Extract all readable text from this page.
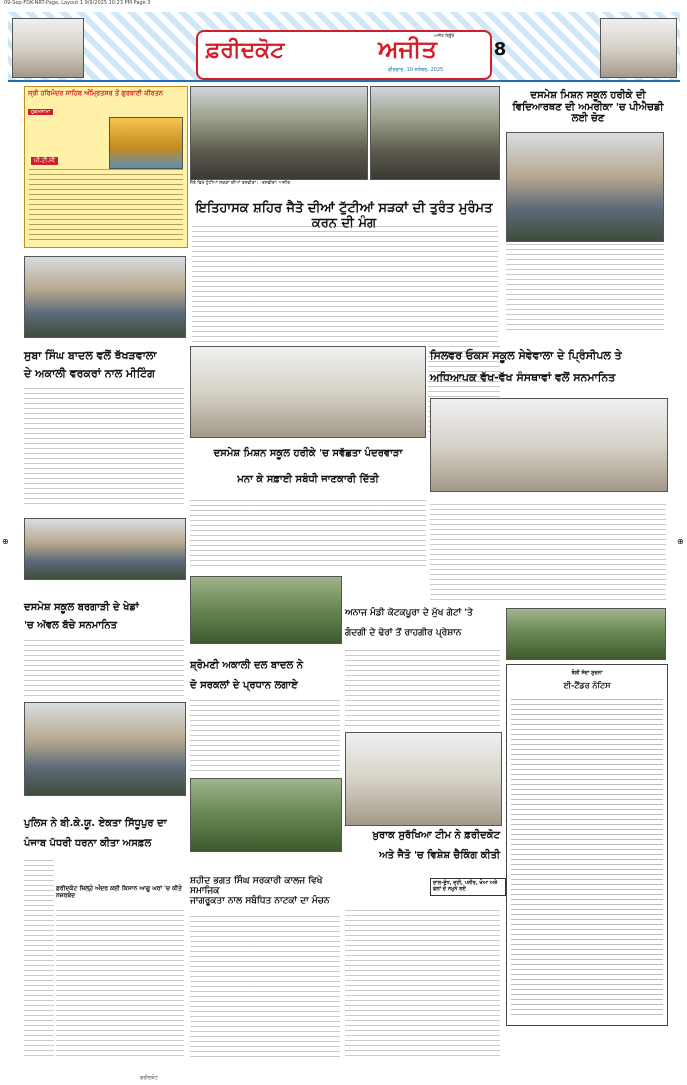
09-Sep-FDK-NRT-Page, Layout 1 9/9/2025 10:23 PM Page 3
⊕	⊕
ਫ਼ਰੀਦਕੋਟ	ਅਜੀਤ
ਅਜੀਤ ਬਿਊਰੋ
ਵੀਰਵਾਰ, 10 ਸਤੰਬਰ, 2025
8
ਸ੍ਰੀ ਹਰਿਮੰਦਰ ਸਾਹਿਬ ਅੰਮ੍ਰਿਤਸਰ ਤੋਂ ਗੁਰਬਾਣੀ ਕੀਰਤਨ
ਹੁਕਮਨਾਮਾ
ਪੀ.ਟੀ.ਸੀ
ਜੈਤੋ ਵਿਖੇ ਟੁੱਟੀਆਂ ਸੜਕਾਂ ਦੀਆਂ ਤਸਵੀਰਾਂ। -ਤਸਵੀਰਾਂ: ਅਜੀਤ
ਇਤਿਹਾਸਕ ਸ਼ਹਿਰ ਜੈਤੋ ਦੀਆਂ ਟੁੱਟੀਆਂ ਸੜਕਾਂ ਦੀ ਤੁਰੰਤ ਮੁਰੰਮਤ ਕਰਨ ਦੀ ਮੰਗ
ਦਸਮੇਸ਼ ਮਿਸ਼ਨ ਸਕੂਲ ਹਰੀਕੇ ਦੀ ਵਿਦਿਆਰਥਣ ਦੀ ਅਮਰੀਕਾ 'ਚ ਪੀਐਚਡੀ ਲਈ ਚੋਣ
ਸੁਬਾ ਸਿੰਘ ਬਾਦਲ ਵਲੋਂ ਝੱਖੜਵਾਲਾ
ਦੇ ਅਕਾਲੀ ਵਰਕਰਾਂ ਨਾਲ ਮੀਟਿੰਗ
ਸਿਲਵਰ ਓਕਸ ਸਕੂਲ ਸੇਵੇਵਾਲਾ ਦੇ ਪ੍ਰਿੰਸੀਪਲ ਤੇ
ਅਧਿਆਪਕ ਵੱਖ-ਵੱਖ ਸੰਸਥਾਵਾਂ ਵਲੋਂ ਸਨਮਾਨਿਤ
ਦਸਮੇਸ਼ ਮਿਸ਼ਨ ਸਕੂਲ ਹਰੀਕੇ 'ਚ ਸਵੱਛਤਾ ਪੰਦਰਵਾੜਾ
ਮਨਾ ਕੇ ਸਫ਼ਾਈ ਸਬੰਧੀ ਜਾਣਕਾਰੀ ਦਿੱਤੀ
ਦਸਮੇਸ਼ ਸਕੂਲ ਬਰਗਾੜੀ ਦੇ ਖੇਡਾਂ
'ਚ ਅੱਵਲ ਬੱਚੇ ਸਨਮਾਨਿਤ
ਸ਼੍ਰੋਮਣੀ ਅਕਾਲੀ ਦਲ ਬਾਦਲ ਨੇ
ਦੋ ਸਰਕਲਾਂ ਦੇ ਪ੍ਰਧਾਨ ਲਗਾਏ
ਅਨਾਜ ਮੰਡੀ ਕੋਟਕਪੂਰਾ ਦੇ ਮੁੱਖ ਗੇਟਾਂ 'ਤੇ
ਗੰਦਗੀ ਦੇ ਢੇਰਾਂ ਤੋਂ ਰਾਹਗੀਰ ਪ੍ਰੇਸ਼ਾਨ
ਬੋਲੀ ਸੱਦਾ ਸੂਚਨਾ
ਈ-ਟੈਂਡਰ ਨੋਟਿਸ
ਪੁਲਿਸ ਨੇ ਬੀ.ਕੇ.ਯੂ. ਏਕਤਾ ਸਿੱਧੂਪੁਰ ਦਾ
ਪੰਜਾਬ ਪੱਧਰੀ ਧਰਨਾ ਕੀਤਾ ਅਸਫ਼ਲ
ਫ਼ਰੀਦਕੋਟ ਜ਼ਿਲ੍ਹੇ ਅੰਦਰ ਕਈ ਕਿਸਾਨ ਆਗੂ ਘਰਾਂ 'ਚ ਕੀਤੇ ਨਜ਼ਰਬੰਦ
ਖ਼ੁਰਾਕ ਸੁਰੱਖਿਆ ਟੀਮ ਨੇ ਫ਼ਰੀਦਕੋਟ
ਅਤੇ ਜੈਤੋ 'ਚ ਵਿਸ਼ੇਸ਼ ਚੈਕਿੰਗ ਕੀਤੀ
ਦਾਲ-ਦੁੱਧ, ਦਹੀ, ਪਨੀਰ, ਖੋਆ ਅਤੇ ਫਲਾਂ ਦੇ ਨਮੂਨੇ ਲਏ
ਸ਼ਹੀਦ ਭਗਤ ਸਿੰਘ ਸਰਕਾਰੀ ਕਾਲਜ ਵਿਖੇ ਸਮਾਜਿਕ
ਜਾਗਰੂਕਤਾ ਨਾਲ ਸਬੰਧਿਤ ਨਾਟਕਾਂ ਦਾ ਮੰਚਨ
ਫਰੀਦਕੋਟ
